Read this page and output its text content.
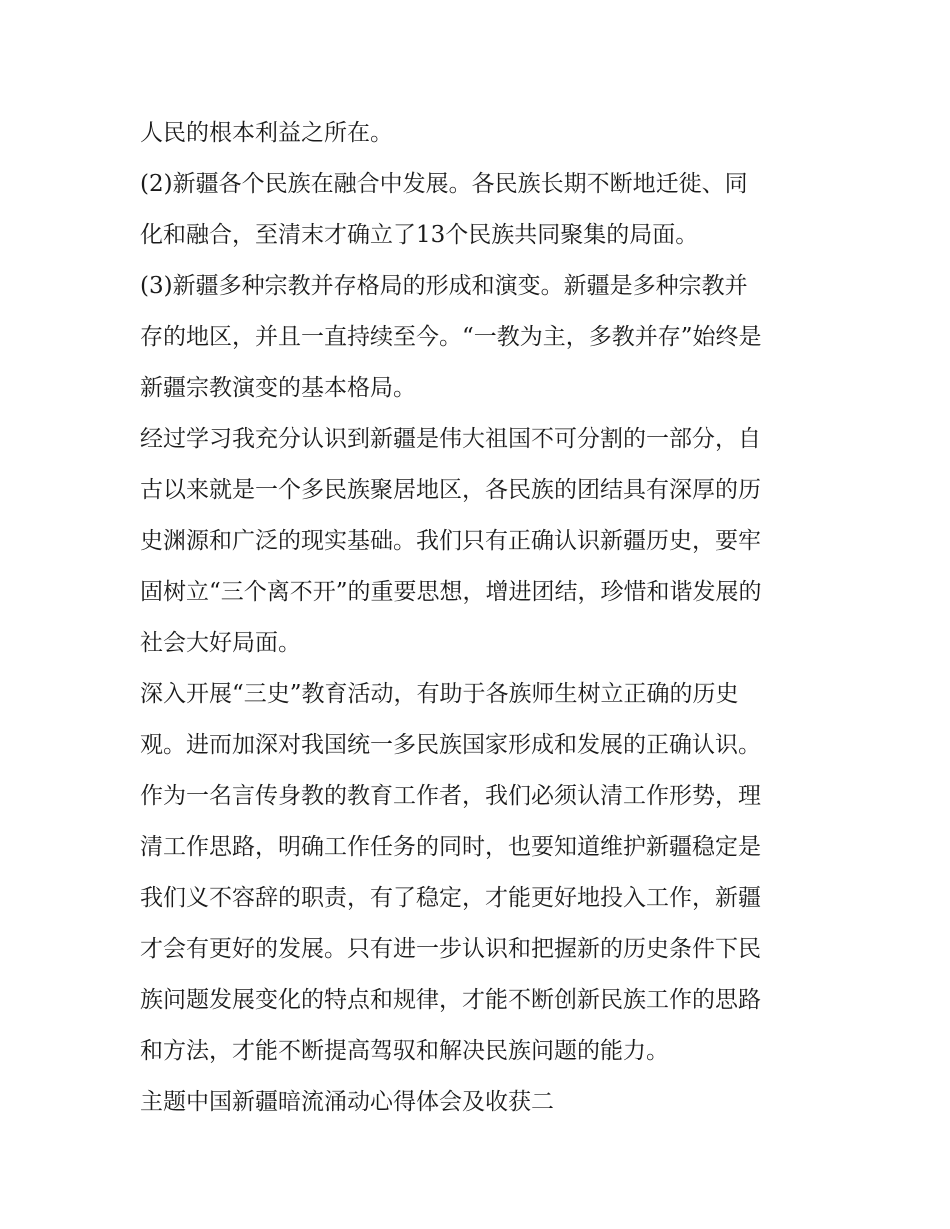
人民的根本利益之所在。
(2)新疆各个民族在融合中发展。各民族长期不断地迁徙、同
化和融合，至清末才确立了13个民族共同聚集的局面。
(3)新疆多种宗教并存格局的形成和演变。新疆是多种宗教并
存的地区，并且一直持续至今。“一教为主，多教并存”始终是
新疆宗教演变的基本格局。
经过学习我充分认识到新疆是伟大祖国不可分割的一部分，自
古以来就是一个多民族聚居地区，各民族的团结具有深厚的历
史渊源和广泛的现实基础。我们只有正确认识新疆历史，要牢
固树立“三个离不开”的重要思想，增进团结，珍惜和谐发展的
社会大好局面。
深入开展“三史”教育活动，有助于各族师生树立正确的历史
观。进而加深对我国统一多民族国家形成和发展的正确认识。
作为一名言传身教的教育工作者，我们必须认清工作形势，理
清工作思路，明确工作任务的同时，也要知道维护新疆稳定是
我们义不容辞的职责，有了稳定，才能更好地投入工作，新疆
才会有更好的发展。只有进一步认识和把握新的历史条件下民
族问题发展变化的特点和规律，才能不断创新民族工作的思路
和方法，才能不断提高驾驭和解决民族问题的能力。
主题中国新疆暗流涌动心得体会及收获二
